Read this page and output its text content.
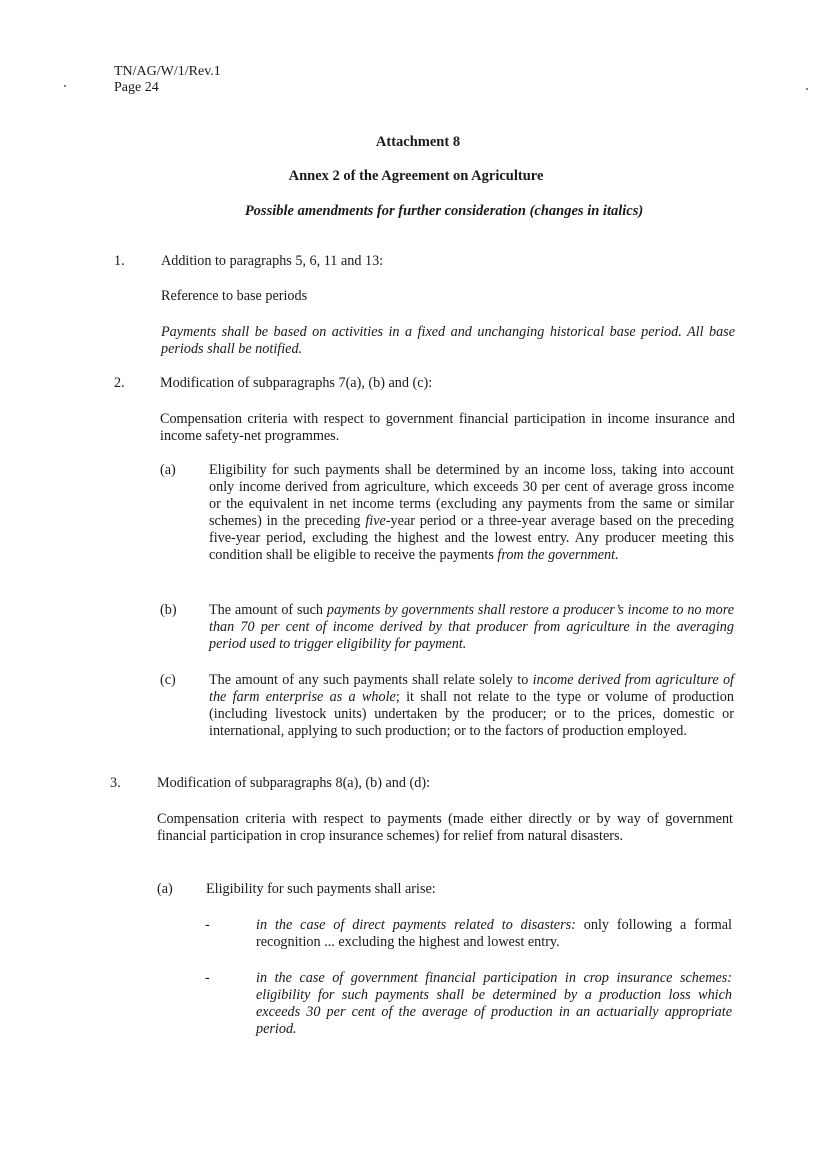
TN/AG/W/1/Rev.1
Page 24
Attachment 8
Annex 2 of the Agreement on Agriculture
Possible amendments for further consideration (changes in italics)
1.	Addition to paragraphs 5, 6, 11 and 13:
Reference to base periods
Payments shall be based on activities in a fixed and unchanging historical base period. All base periods shall be notified.
2. Modification of subparagraphs 7(a), (b) and (c):
Compensation criteria with respect to government financial participation in income insurance and income safety-net programmes.
(a) Eligibility for such payments shall be determined by an income loss, taking into account only income derived from agriculture, which exceeds 30 per cent of average gross income or the equivalent in net income terms (excluding any payments from the same or similar schemes) in the preceding five-year period or a three-year average based on the preceding five-year period, excluding the highest and the lowest entry. Any producer meeting this condition shall be eligible to receive the payments from the government.
(b) The amount of such payments by governments shall restore a producer’s income to no more than 70 per cent of income derived by that producer from agriculture in the averaging period used to trigger eligibility for payment.
(c) The amount of any such payments shall relate solely to income derived from agriculture of the farm enterprise as a whole; it shall not relate to the type or volume of production (including livestock units) undertaken by the producer; or to the prices, domestic or international, applying to such production; or to the factors of production employed.
3.	Modification of subparagraphs 8(a), (b) and (d):
Compensation criteria with respect to payments (made either directly or by way of government financial participation in crop insurance schemes) for relief from natural disasters.
(a) Eligibility for such payments shall arise:
-	in the case of direct payments related to disasters: only following a formal recognition ... excluding the highest and lowest entry.
-	in the case of government financial participation in crop insurance schemes: eligibility for such payments shall be determined by a production loss which exceeds 30 per cent of the average of production in an actuarially appropriate period.
